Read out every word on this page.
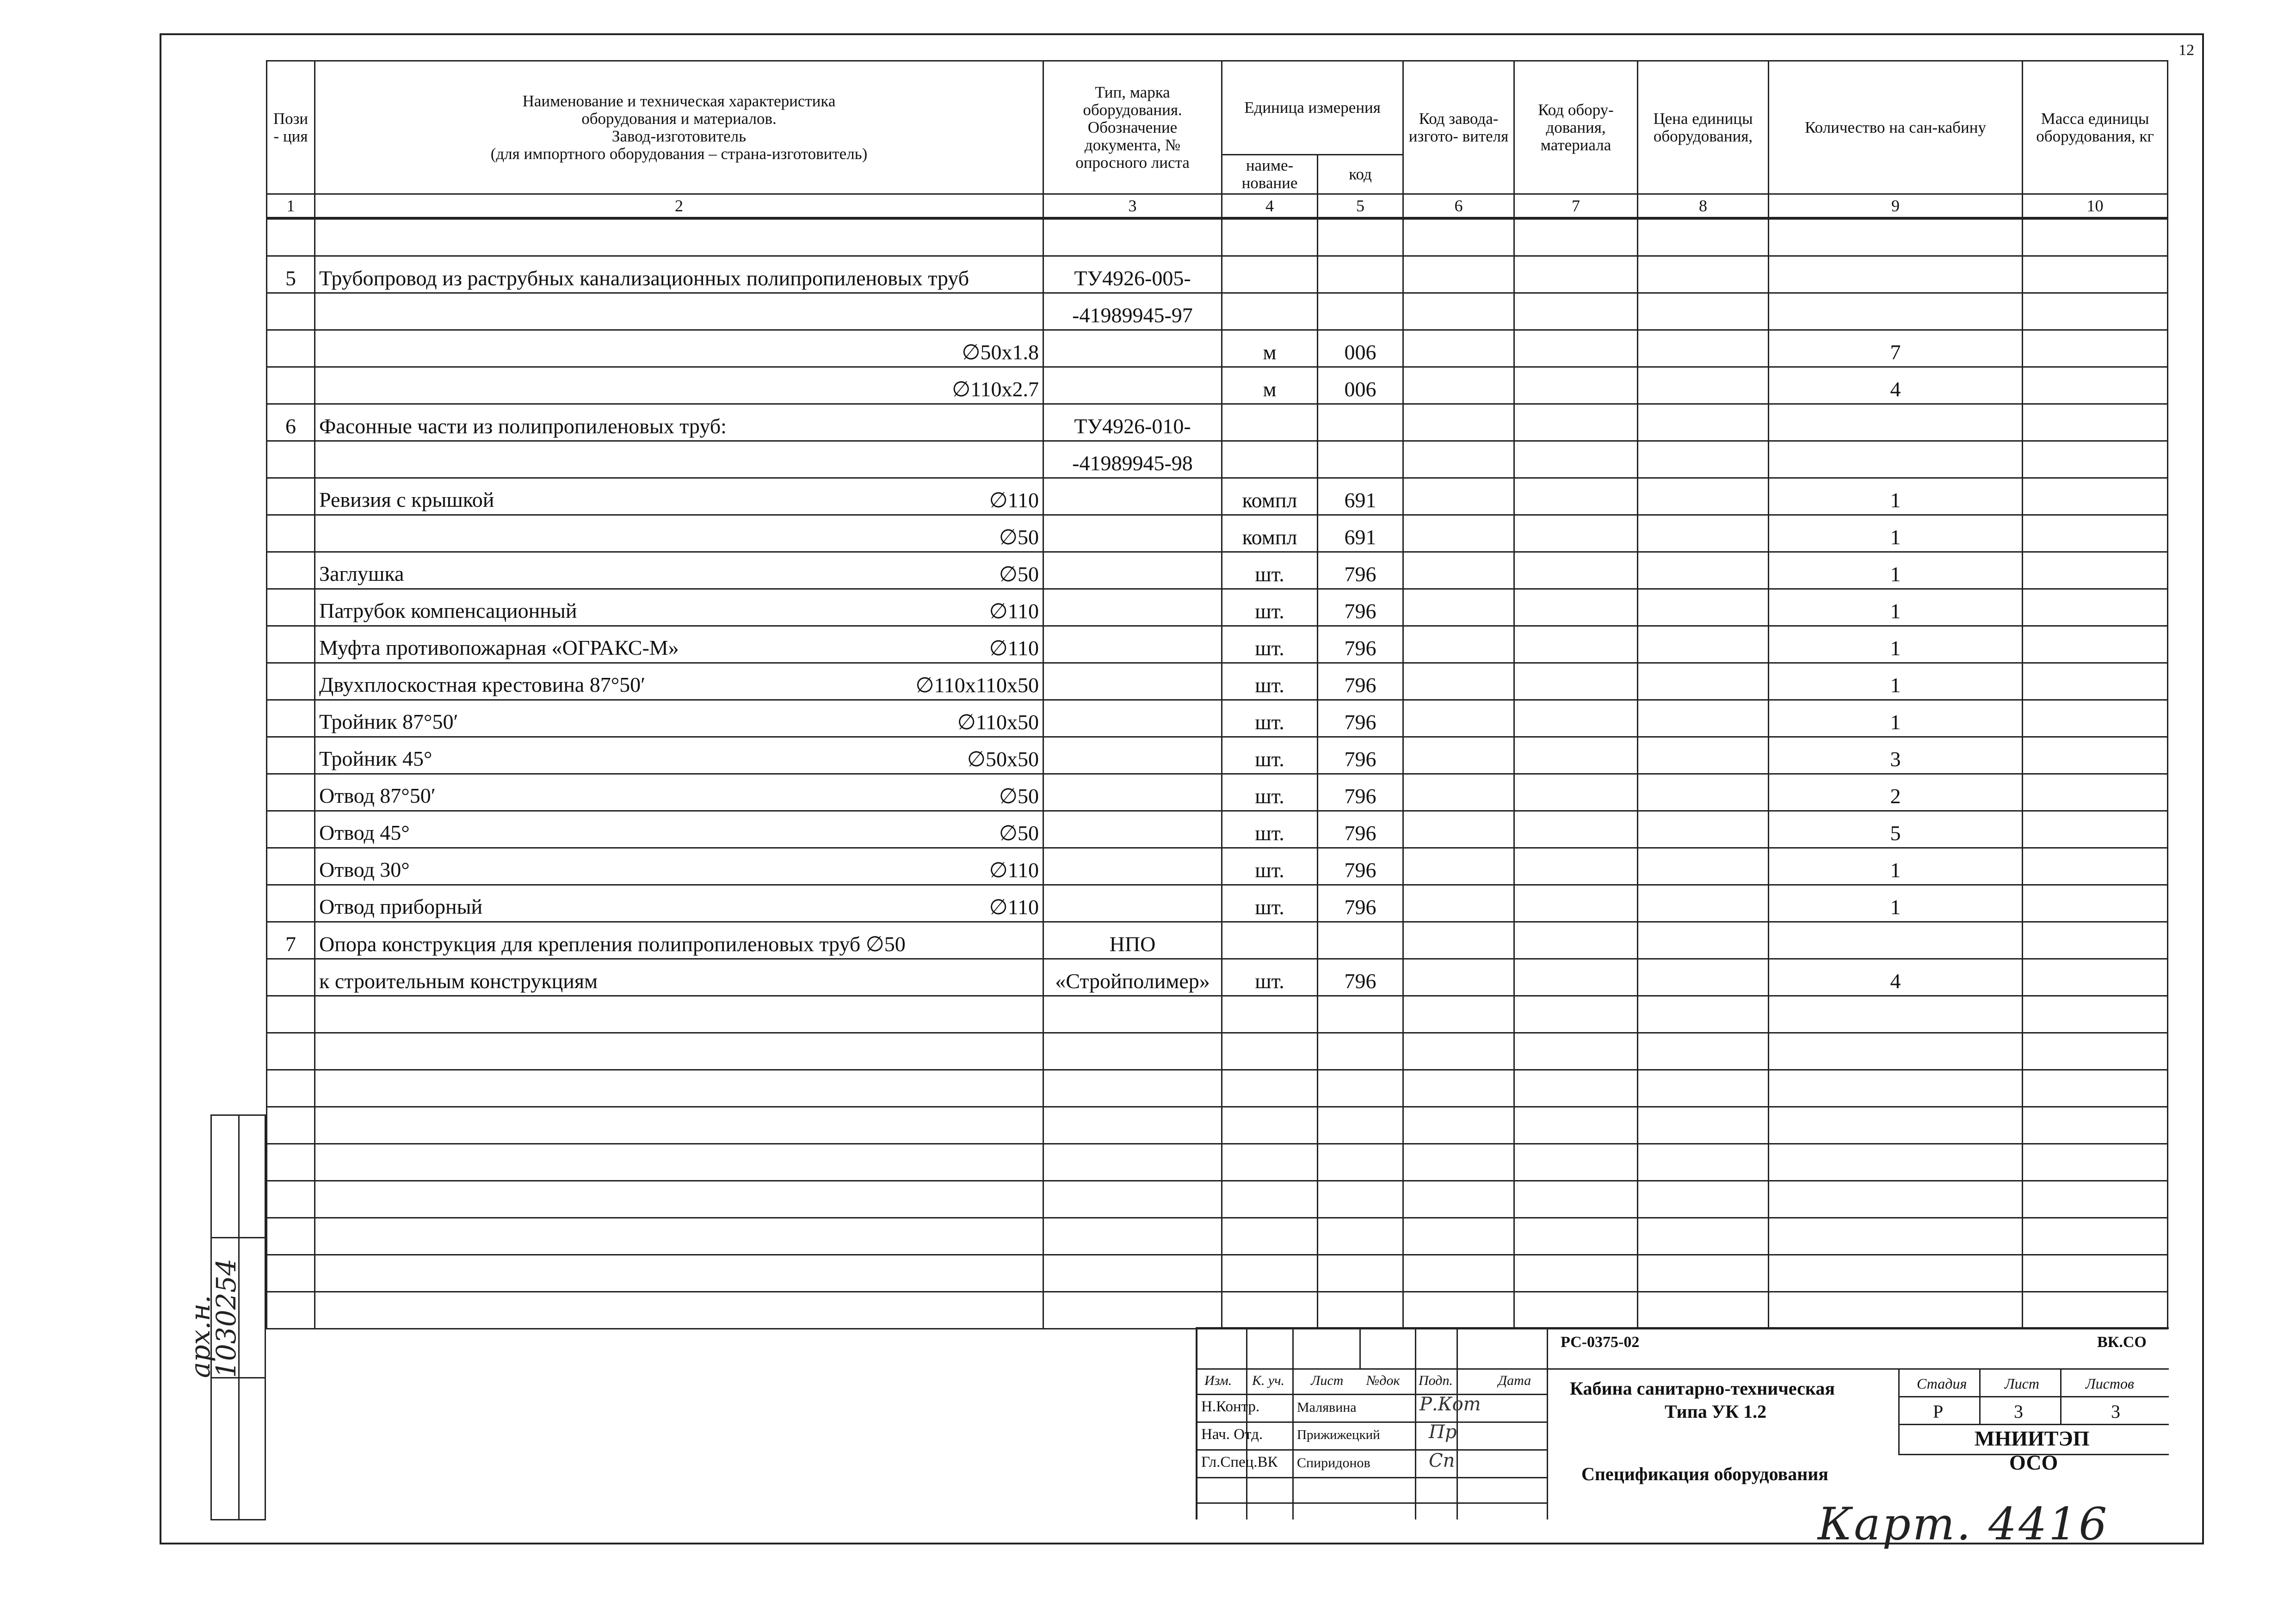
12
Пози - ция	Наименование и техническая характеристика
оборудования и материалов.
Завод-изготовитель
(для импортного оборудования – страна-изготовитель)	Тип, марка оборудования. Обозначение документа, № опросного листа	Единица измерения		Код завода- изгото- вителя	Код обору- дования, материала	Цена единицы оборудования,	Количество на сан-кабину	Масса единицы оборудования, кг
			наиме- нование	код					
1	2	3	4	5	6	7	8	9	10

5	Трубопровод из раструбных канализационных полипропиленовых труб	ТУ4926-005-							

	-41989945-97							

	∅50x1.8		м	006				7	

	∅110x2.7		м	006				4	
6	Фасонные части из полипропиленовых труб:	ТУ4926-010-							

	-41989945-98							

	Ревизия с крышкой ∅110		компл	691				1	

	∅50		компл	691				1	

	Заглушка ∅50		шт.	796				1	

	Патрубок компенсационный ∅110		шт.	796				1	

	Муфта противопожарная «ОГРАКС-М» ∅110		шт.	796				1	

	Двухплоскостная крестовина 87°50′ ∅110x110x50		шт.	796				1	

	Тройник 87°50′ ∅110x50		шт.	796				1	

	Тройник 45° ∅50x50		шт.	796				3	

	Отвод 87°50′ ∅50		шт.	796				2	

	Отвод 45° ∅50		шт.	796				5	

	Отвод 30° ∅110		шт.	796				1	

	Отвод приборный ∅110		шт.	796				1	
7	Опора конструкция для крепления полипропиленовых труб ∅50	НПО							

	к строительным конструкциям	«Стройполимер»	шт.	796				4	

арх.н.
1030254	РС-0375-02	ВК.СО
Изм. К. уч. Лист №док Подп.	Дата
Н.Контр.	Малявина
Нач. Отд.	Прижижецкий
Гл.Спец.ВК Спиридонов
Р.Кот
Пр
Сп
Кабина санитарно-техническая
Типа УК 1.2
Спецификация оборудования
Стадия	Лист	Листов
Р	3	3
МНИИТЭП
ОСО
Карт. 4416
